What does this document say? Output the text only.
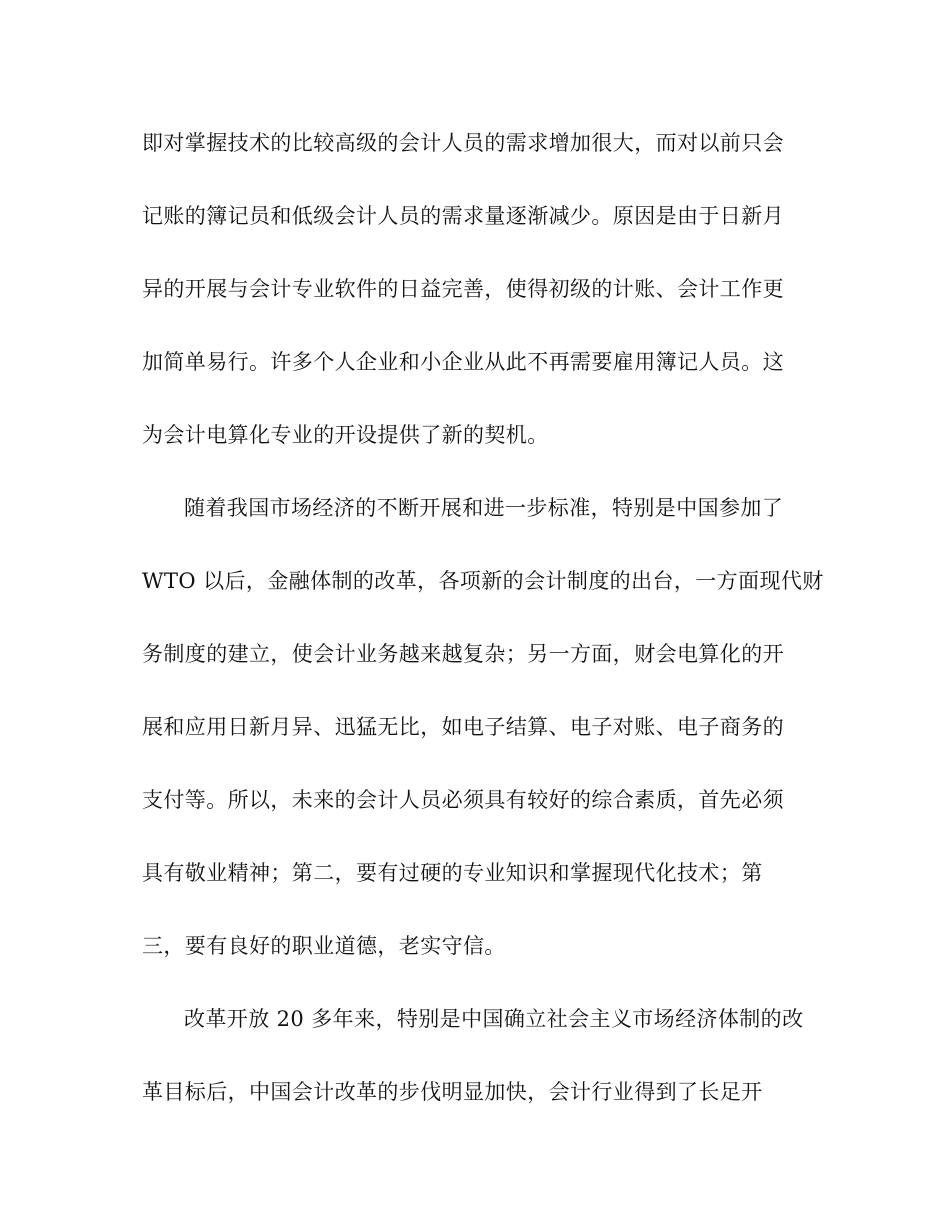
即对掌握技术的比较高级的会计人员的需求增加很大，而对以前只会
记账的簿记员和低级会计人员的需求量逐渐减少。原因是由于日新月
异的开展与会计专业软件的日益完善，使得初级的计账、会计工作更
加简单易行。许多个人企业和小企业从此不再需要雇用簿记人员。这
为会计电算化专业的开设提供了新的契机。
随着我国市场经济的不断开展和进一步标准，特别是中国参加了
WTO 以后，金融体制的改革，各项新的会计制度的出台，一方面现代财
务制度的建立，使会计业务越来越复杂；另一方面，财会电算化的开
展和应用日新月异、迅猛无比，如电子结算、电子对账、电子商务的
支付等。所以，未来的会计人员必须具有较好的综合素质，首先必须
具有敬业精神；第二，要有过硬的专业知识和掌握现代化技术；第
三，要有良好的职业道德，老实守信。
改革开放 20 多年来，特别是中国确立社会主义市场经济体制的改
革目标后，中国会计改革的步伐明显加快，会计行业得到了长足开
